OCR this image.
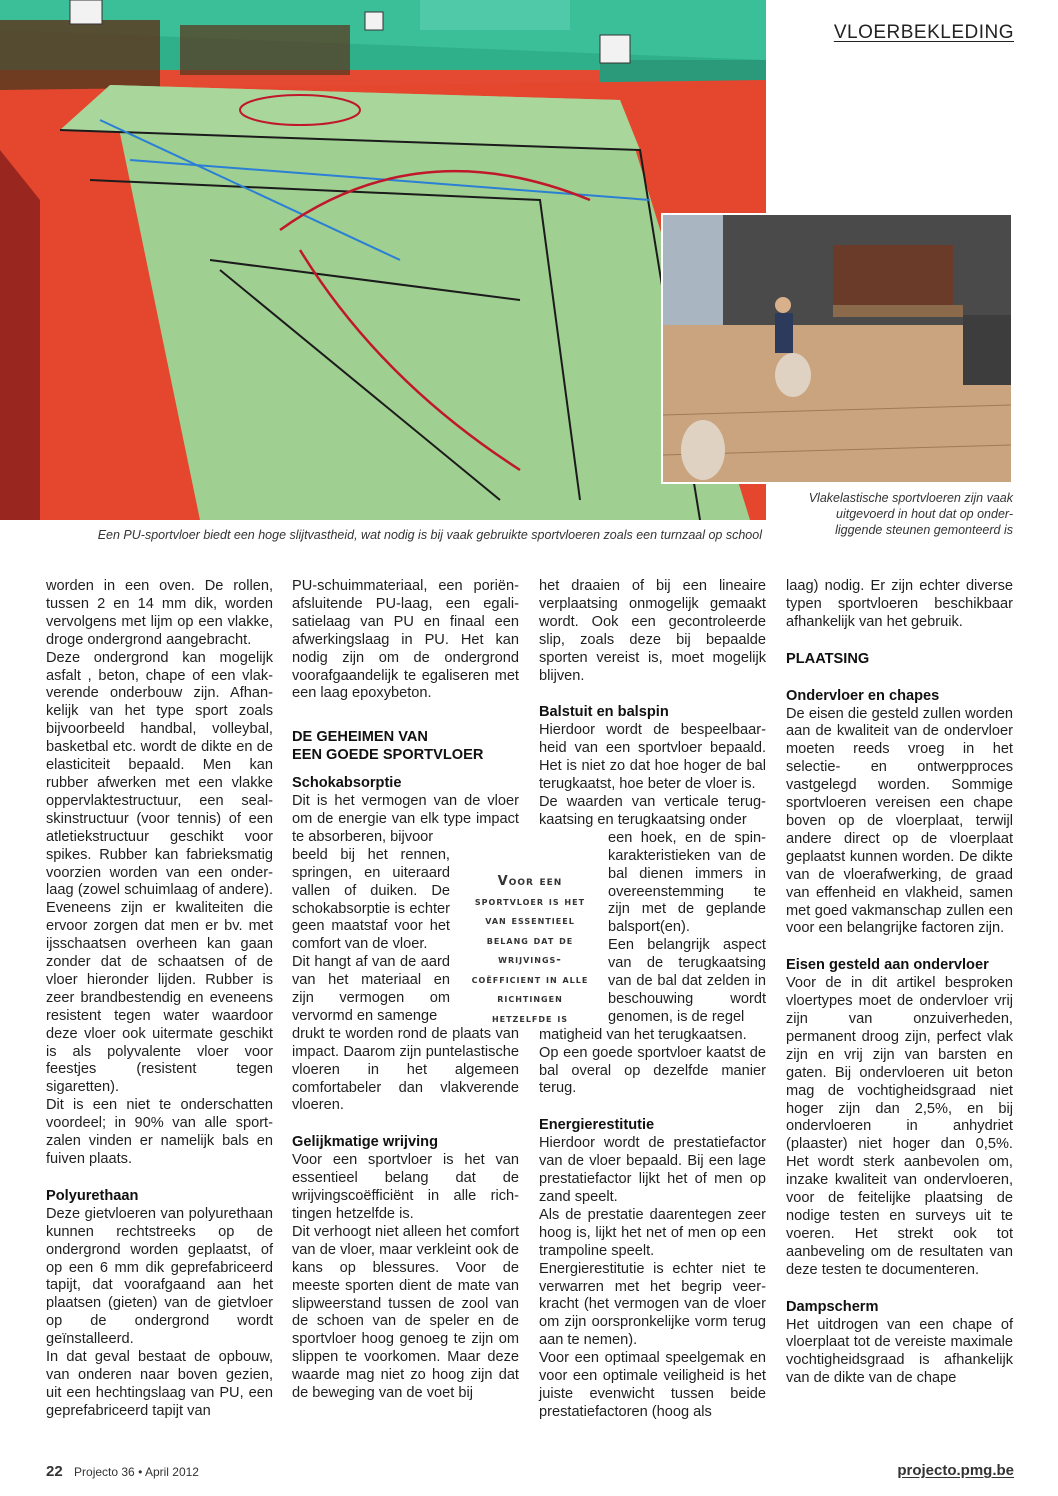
VLOERBEKLEDING
Een PU-sportvloer biedt een hoge slijtvastheid, wat nodig is bij vaak gebruikte sportvloeren zoals een turnzaal op school
Vlakelastische sportvloeren zijn vaak
uitgevoerd in hout dat op onder-
liggende steunen gemonteerd is

worden in een oven. De rollen, tussen 2 en 14 mm dik, worden vervolgens met lijm op een vlakke, droge ondergrond aangebracht.

Deze ondergrond kan mogelijk asfalt , beton, chape of een vlakverende onderbouw zijn. Afhankelijk van het type sport zoals bijvoorbeeld handbal, volleybal, basketbal etc. wordt de dikte en de elasticiteit bepaald. Men kan rubber afwerken met een vlakke oppervlaktestructuur, een sealskinstructuur (voor tennis) of een atletiekstructuur geschikt voor spikes. Rubber kan fabrieksmatig voorzien worden van een onderlaag (zowel schuimlaag of andere). Eveneens zijn er kwaliteiten die ervoor zorgen dat men er bv. met ijsschaatsen overheen kan gaan zonder dat de schaatsen of de vloer hieronder lijden. Rubber is zeer brandbestendig en eveneens resistent tegen water waardoor deze vloer ook uitermate geschikt is als polyvalente vloer voor feestjes (resistent tegen sigaretten).

Dit is een niet te onderschatten voordeel; in 90% van alle sportzalen vinden er namelijk bals en fuiven plaats.

Polyurethaan

Deze gietvloeren van polyurethaan kunnen rechtstreeks op de ondergrond worden geplaatst, of op een 6 mm dik geprefabriceerd tapijt, dat voorafgaand aan het plaatsen (gieten) van de gietvloer op de ondergrond wordt geïnstalleerd.

In dat geval bestaat de opbouw, van onderen naar boven gezien, uit een hechtingslaag van PU, een geprefabriceerd tapijt van

PU-schuimmateriaal, een poriënafsluitende PU-laag, een egalisatielaag van PU en finaal een afwerkingslaag in PU. Het kan nodig zijn om de ondergrond voorafgaandelijk te egaliseren met een laag epoxybeton.

DE GEHEIMEN VAN
EEN GOEDE SPORTVLOER
Schokabsorptie

Dit is het vermogen van de vloer om de energie van elk type impact te absorberen, bijvoor

beeld bij het rennen, springen, en uiteraard vallen of duiken. De schokabsorptie is echter geen maatstaf voor het comfort van de vloer.

Dit hangt af van de aard van het materiaal en zijn vermogen om vervormd en samenge

drukt te worden rond de plaats van impact. Daarom zijn puntelastische vloeren in het algemeen comfortabeler dan vlakverende vloeren.

Gelijkmatige wrijving

Voor een sportvloer is het van essentieel belang dat de wrijvingscoëfficiënt in alle richtingen hetzelfde is.

Dit verhoogt niet alleen het comfort van de vloer, maar verkleint ook de kans op blessures. Voor de meeste sporten dient de mate van slipweerstand tussen de zool van de schoen van de speler en de sportvloer hoog genoeg te zijn om slippen te voorkomen. Maar deze waarde mag niet zo hoog zijn dat de beweging van de voet bij

Voor een
sportvloer is het
van essentieel
belang dat de
wrijvings-
coëfficient in alle
richtingen
hetzelfde is

het draaien of bij een lineaire verplaatsing onmogelijk gemaakt wordt. Ook een gecontroleerde slip, zoals deze bij bepaalde sporten vereist is, moet mogelijk blijven.

Balstuit en balspin

Hierdoor wordt de bespeelbaarheid van een sportvloer bepaald. Het is niet zo dat hoe hoger de bal terugkaatst, hoe beter de vloer is.

De waarden van verticale terugkaatsing en terugkaatsing onder

een hoek, en de spinkarakteristieken van de bal dienen immers in overeenstemming te zijn met de geplande balsport(en).

Een belangrijk aspect van de terugkaatsing van de bal dat zelden in beschouwing wordt genomen, is de regel

matigheid van het terugkaatsen.

Op een goede sportvloer kaatst de bal overal op dezelfde manier terug.

Energierestitutie

Hierdoor wordt de prestatiefactor van de vloer bepaald. Bij een lage prestatiefactor lijkt het of men op zand speelt.

Als de prestatie daarentegen zeer hoog is, lijkt het net of men op een trampoline speelt.

Energierestitutie is echter niet te verwarren met het begrip veerkracht (het vermogen van de vloer om zijn oorspronkelijke vorm terug aan te nemen).

Voor een optimaal speelgemak en voor een optimale veiligheid is het juiste evenwicht tussen beide prestatiefactoren (hoog als

laag) nodig. Er zijn echter diverse typen sportvloeren beschikbaar afhankelijk van het gebruik.

PLAATSING
Ondervloer en chapes

De eisen die gesteld zullen worden aan de kwaliteit van de ondervloer moeten reeds vroeg in het selectie- en ontwerpproces vastgelegd worden. Sommige sportvloeren vereisen een chape boven op de vloerplaat, terwijl andere direct op de vloerplaat geplaatst kunnen worden. De dikte van de vloerafwerking, de graad van effenheid en vlakheid, samen met goed vakmanschap zullen een voor een belangrijke factoren zijn.

Eisen gesteld aan ondervloer

Voor de in dit artikel besproken vloertypes moet de ondervloer vrij zijn van onzuiverheden, permanent droog zijn, perfect vlak zijn en vrij zijn van barsten en gaten. Bij ondervloeren uit beton mag de vochtigheidsgraad niet hoger zijn dan 2,5%, en bij ondervloeren in anhydriet (plaaster) niet hoger dan 0,5%. Het wordt sterk aanbevolen om, inzake kwaliteit van ondervloeren, voor de feitelijke plaatsing de nodige testen en surveys uit te voeren. Het strekt ook tot aanbeveling om de resultaten van deze testen te documenteren.

Dampscherm

Het uitdrogen van een chape of vloerplaat tot de vereiste maximale vochtigheidsgraad is afhankelijk van de dikte van de chape

22 Projecto 36 • April 2012	projecto.pmg.be
